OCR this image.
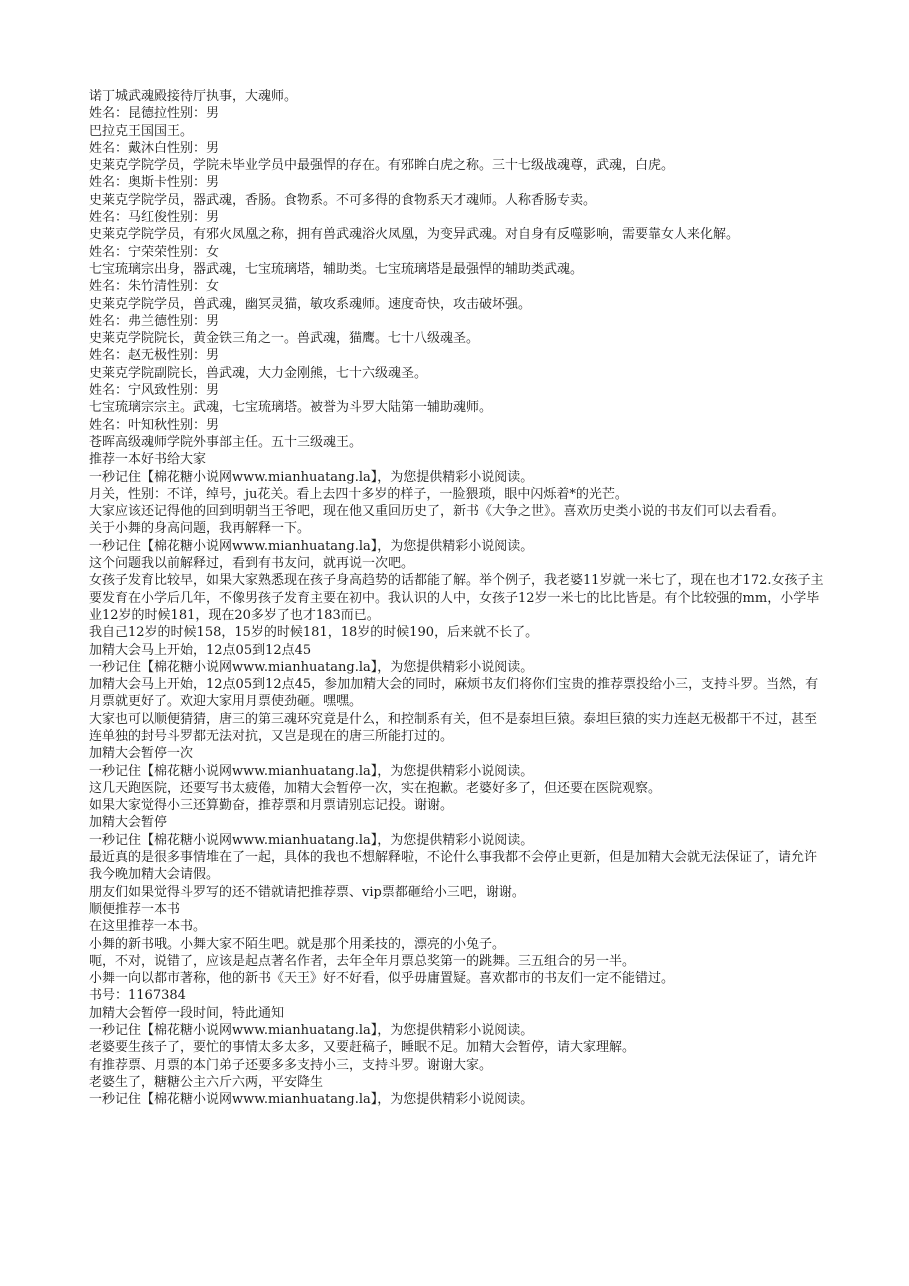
诺丁城武魂殿接待厅执事，大魂师。

姓名：昆德拉性别：男

巴拉克王国国王。

姓名：戴沐白性别：男

史莱克学院学员，学院未毕业学员中最强悍的存在。有邪眸白虎之称。三十七级战魂尊，武魂，白虎。

姓名：奥斯卡性别：男

史莱克学院学员，器武魂，香肠。食物系。不可多得的食物系天才魂师。人称香肠专卖。

姓名：马红俊性别：男

史莱克学院学员，有邪火凤凰之称，拥有兽武魂浴火凤凰，为变异武魂。对自身有反噬影响，需要靠女人来化解。

姓名：宁荣荣性别：女

七宝琉璃宗出身，器武魂，七宝琉璃塔，辅助类。七宝琉璃塔是最强悍的辅助类武魂。

姓名：朱竹清性别：女

史莱克学院学员，兽武魂，幽冥灵猫，敏攻系魂师。速度奇快，攻击破坏强。

姓名：弗兰德性别：男

史莱克学院院长，黄金铁三角之一。兽武魂，猫鹰。七十八级魂圣。

姓名：赵无极性别：男

史莱克学院副院长，兽武魂，大力金刚熊，七十六级魂圣。

姓名：宁风致性别：男

七宝琉璃宗宗主。武魂，七宝琉璃塔。被誉为斗罗大陆第一辅助魂师。

姓名：叶知秋性别：男

苍晖高级魂师学院外事部主任。五十三级魂王。

推荐一本好书给大家

一秒记住【棉花糖小说网www.mianhuatang.la】，为您提供精彩小说阅读。

月关，性别：不详，绰号，ju花关。看上去四十多岁的样子，一脸猥琐，眼中闪烁着*的光芒。

大家应该还记得他的回到明朝当王爷吧，现在他又重回历史了，新书《大争之世》。喜欢历史类小说的书友们可以去看看。

关于小舞的身高问题，我再解释一下。

一秒记住【棉花糖小说网www.mianhuatang.la】，为您提供精彩小说阅读。

这个问题我以前解释过，看到有书友问，就再说一次吧。

女孩子发育比较早，如果大家熟悉现在孩子身高趋势的话都能了解。举个例子，我老婆11岁就一米七了，现在也才172.女孩子主要发育在小学后几年，不像男孩子发育主要在初中。我认识的人中，女孩子12岁一米七的比比皆是。有个比较强的mm，小学毕业12岁的时候181，现在20多岁了也才183而已。

我自己12岁的时候158，15岁的时候181，18岁的时候190，后来就不长了。

加精大会马上开始，12点05到12点45

一秒记住【棉花糖小说网www.mianhuatang.la】，为您提供精彩小说阅读。

加精大会马上开始，12点05到12点45，参加加精大会的同时，麻烦书友们将你们宝贵的推荐票投给小三，支持斗罗。当然，有月票就更好了。欢迎大家用月票使劲砸。嘿嘿。

大家也可以顺便猜猜，唐三的第三魂环究竟是什么，和控制系有关，但不是泰坦巨猿。泰坦巨猿的实力连赵无极都干不过，甚至连单独的封号斗罗都无法对抗，又岂是现在的唐三所能打过的。

加精大会暂停一次

一秒记住【棉花糖小说网www.mianhuatang.la】，为您提供精彩小说阅读。

这几天跑医院，还要写书太疲倦，加精大会暂停一次，实在抱歉。老婆好多了，但还要在医院观察。

如果大家觉得小三还算勤奋，推荐票和月票请别忘记投。谢谢。

加精大会暂停

一秒记住【棉花糖小说网www.mianhuatang.la】，为您提供精彩小说阅读。

最近真的是很多事情堆在了一起，具体的我也不想解释啦，不论什么事我都不会停止更新，但是加精大会就无法保证了，请允许我今晚加精大会请假。

朋友们如果觉得斗罗写的还不错就请把推荐票、vip票都砸给小三吧，谢谢。

顺便推荐一本书

在这里推荐一本书。

小舞的新书哦。小舞大家不陌生吧。就是那个用柔技的，漂亮的小兔子。

呃，不对，说错了，应该是起点著名作者，去年全年月票总奖第一的跳舞。三五组合的另一半。

小舞一向以都市著称，他的新书《天王》好不好看，似乎毋庸置疑。喜欢都市的书友们一定不能错过。

书号：1167384

加精大会暂停一段时间，特此通知

一秒记住【棉花糖小说网www.mianhuatang.la】，为您提供精彩小说阅读。

老婆要生孩子了，要忙的事情太多太多，又要赶稿子，睡眠不足。加精大会暂停，请大家理解。

有推荐票、月票的本门弟子还要多多支持小三，支持斗罗。谢谢大家。

老婆生了，糖糖公主六斤六两，平安降生

一秒记住【棉花糖小说网www.mianhuatang.la】，为您提供精彩小说阅读。
